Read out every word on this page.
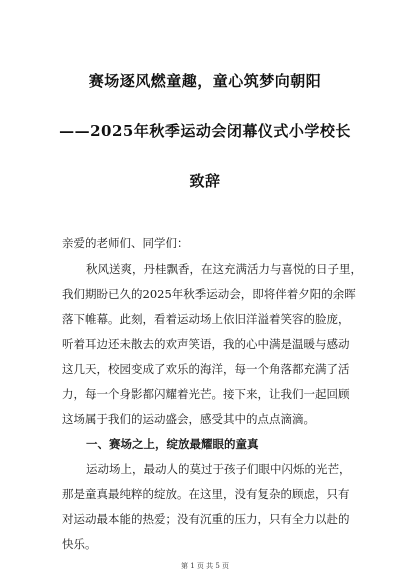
赛场逐风燃童趣，童心筑梦向朝阳
——2025年秋季运动会闭幕仪式小学校长
致辞
亲爱的老师们、同学们：
秋风送爽，丹桂飘香，在这充满活力与喜悦的日子里，
我们期盼已久的2025年秋季运动会，即将伴着夕阳的余晖
落下帷幕。此刻，看着运动场上依旧洋溢着笑容的脸庞，
听着耳边还未散去的欢声笑语，我的心中满是温暖与感动
这几天，校园变成了欢乐的海洋，每一个角落都充满了活
力，每一个身影都闪耀着光芒。接下来，让我们一起回顾
这场属于我们的运动盛会，感受其中的点点滴滴。
一、赛场之上，绽放最耀眼的童真
运动场上，最动人的莫过于孩子们眼中闪烁的光芒，
那是童真最纯粹的绽放。在这里，没有复杂的顾虑，只有
对运动最本能的热爱；没有沉重的压力，只有全力以赴的
快乐。
第 1 页 共 5 页
